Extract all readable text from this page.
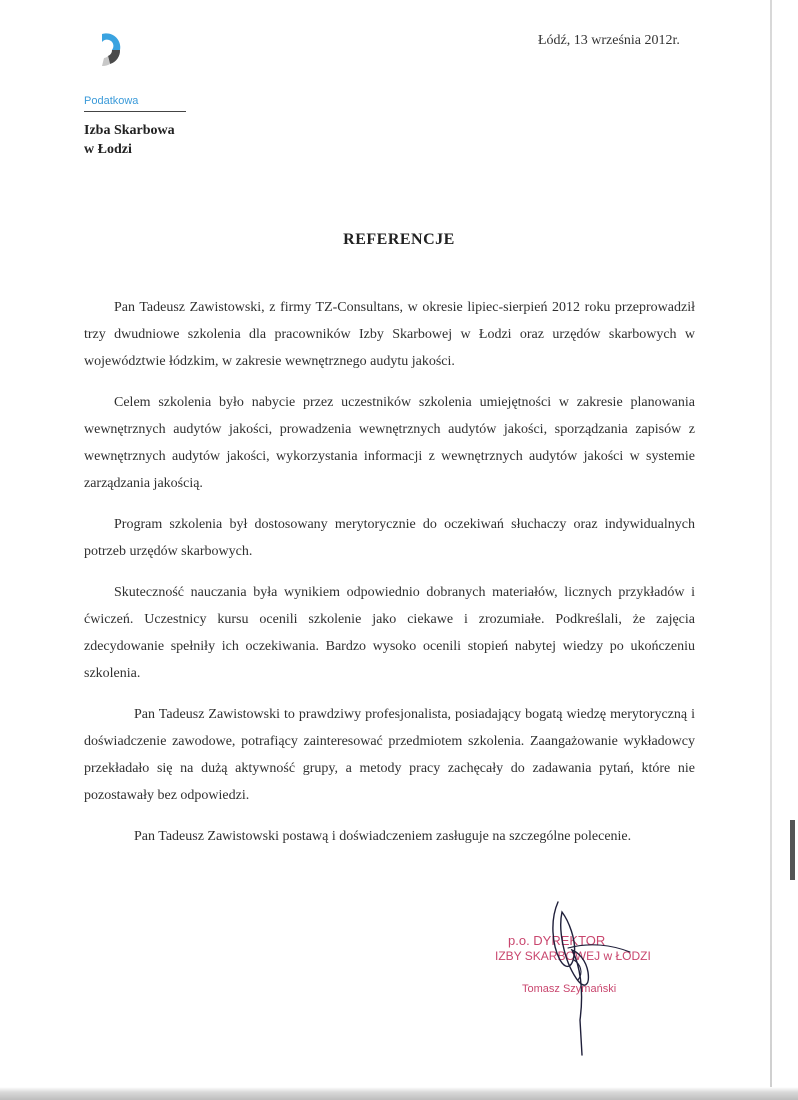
Podatkowa
Izba Skarbowa
w Łodzi
Łódź, 13 września 2012r.
REFERENCJE

Pan Tadeusz Zawistowski, z firmy TZ-Consultans, w okresie lipiec-sierpień 2012 roku przeprowadził trzy dwudniowe szkolenia dla pracowników Izby Skarbowej w Łodzi oraz urzędów skarbowych w województwie łódzkim, w zakresie wewnętrznego audytu jakości.

Celem szkolenia było nabycie przez uczestników szkolenia umiejętności w zakresie planowania wewnętrznych audytów jakości, prowadzenia wewnętrznych audytów jakości, sporządzania zapisów z wewnętrznych audytów jakości, wykorzystania informacji z wewnętrznych audytów jakości w systemie zarządzania jakością.

Program szkolenia był dostosowany merytorycznie do oczekiwań słuchaczy oraz indywidualnych potrzeb urzędów skarbowych.

Skuteczność nauczania była wynikiem odpowiednio dobranych materiałów, licznych przykładów i ćwiczeń. Uczestnicy kursu ocenili szkolenie jako ciekawe i zrozumiałe. Podkreślali, że zajęcia zdecydowanie spełniły ich oczekiwania. Bardzo wysoko ocenili stopień nabytej wiedzy po ukończeniu szkolenia.

Pan Tadeusz Zawistowski to prawdziwy profesjonalista, posiadający bogatą wiedzę merytoryczną i doświadczenie zawodowe, potrafiący zainteresować przedmiotem szkolenia. Zaangażowanie wykładowcy przekładało się na dużą aktywność grupy, a metody pracy zachęcały do zadawania pytań, które nie pozostawały bez odpowiedzi.

Pan Tadeusz Zawistowski postawą i doświadczeniem zasługuje na szczególne polecenie.

p.o. DYREKTOR
IZBY SKARBOWEJ w ŁODZI
Tomasz Szymański
